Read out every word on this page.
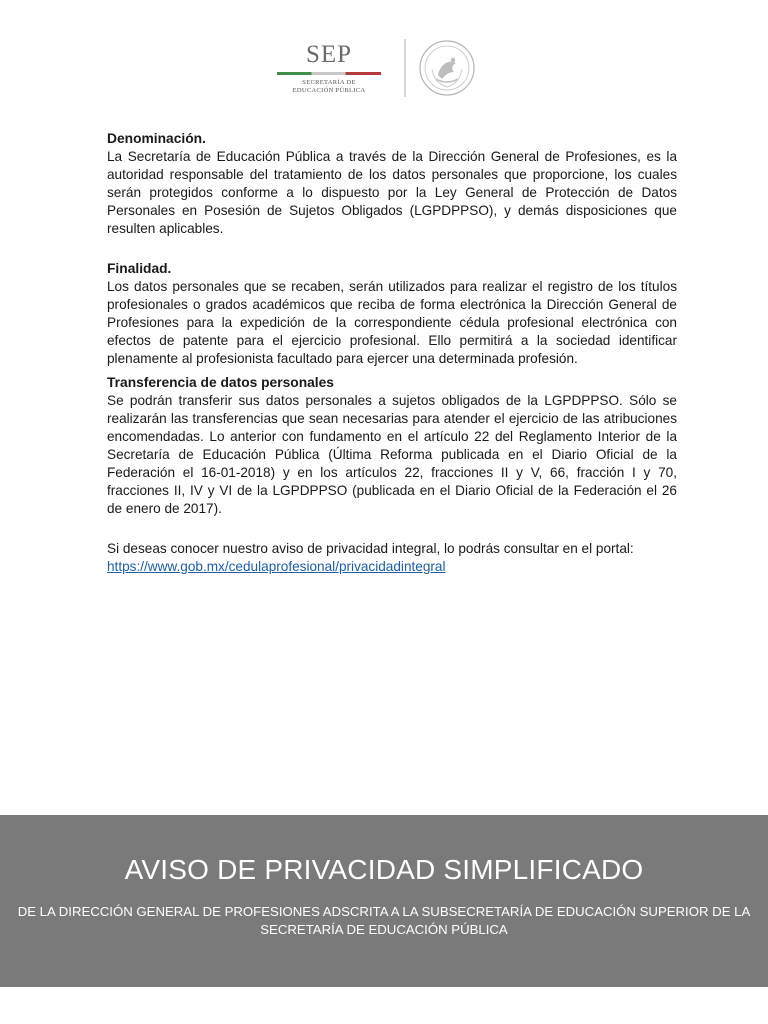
SEP
SECRETARÍA DE
EDUCACIÓN PÚBLICA

Denominación.

La Secretaría de Educación Pública a través de la Dirección General de Profesiones, es la autoridad responsable del tratamiento de los datos personales que proporcione, los cuales serán protegidos conforme a lo dispuesto por la Ley General de Protección de Datos Personales en Posesión de Sujetos Obligados (LGPDPPSO), y demás disposiciones que resulten aplicables.

Finalidad.

Los datos personales que se recaben, serán utilizados para realizar el registro de los títulos profesionales o grados académicos que reciba de forma electrónica la Dirección General de Profesiones para la expedición de la correspondiente cédula profesional electrónica con efectos de patente para el ejercicio profesional. Ello permitirá a la sociedad identificar plenamente al profesionista facultado para ejercer una determinada profesión.

Transferencia de datos personales

Se podrán transferir sus datos personales a sujetos obligados de la LGPDPPSO. Sólo se realizarán las transferencias que sean necesarias para atender el ejercicio de las atribuciones encomendadas. Lo anterior con fundamento en el artículo 22 del Reglamento Interior de la Secretaría de Educación Pública (Última Reforma publicada en el Diario Oficial de la Federación el 16-01-2018) y en los artículos 22, fracciones II y V, 66, fracción I y 70, fracciones II, IV y VI de la LGPDPPSO (publicada en el Diario Oficial de la Federación el 26 de enero de 2017).

Si deseas conocer nuestro aviso de privacidad integral, lo podrás consultar en el portal:

https://www.gob.mx/cedulaprofesional/privacidadintegral
AVISO DE PRIVACIDAD SIMPLIFICADO
DE LA DIRECCIÓN GENERAL DE PROFESIONES ADSCRITA A LA SUBSECRETARÍA DE EDUCACIÓN SUPERIOR DE LA SECRETARÍA DE EDUCACIÓN PÚBLICA
